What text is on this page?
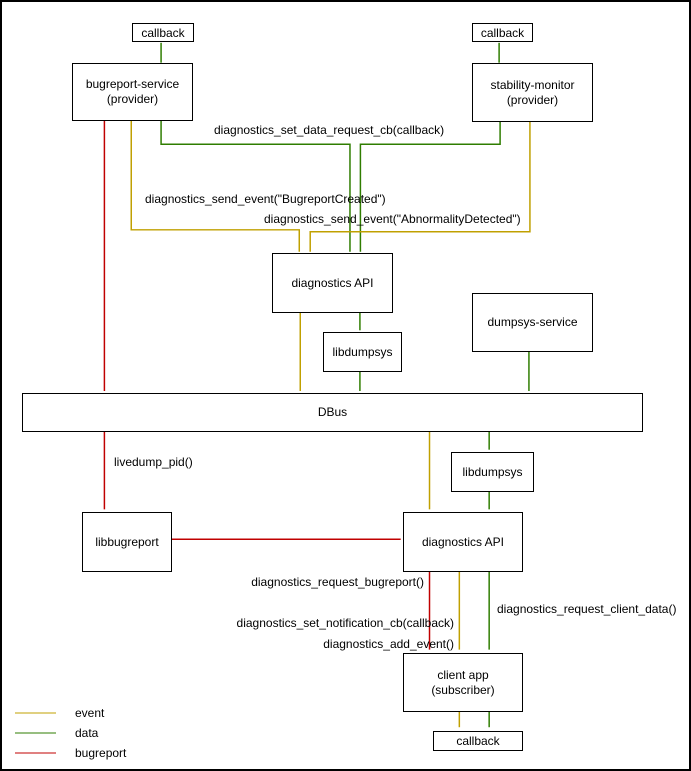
callback	callback
bugreport-service
(provider)
stability-monitor
(provider)
diagnostics API
dumpsys-service
libdumpsys
DBus
libdumpsys
libbugreport	diagnostics API
client app
(subscriber)
callback
diagnostics_set_data_request_cb(callback)
diagnostics_send_event("BugreportCreated")
diagnostics_send_event("AbnormalityDetected")
livedump_pid()
diagnostics_request_bugreport()
diagnostics_request_client_data()
diagnostics_set_notification_cb(callback)
diagnostics_add_event()
event
data
bugreport
